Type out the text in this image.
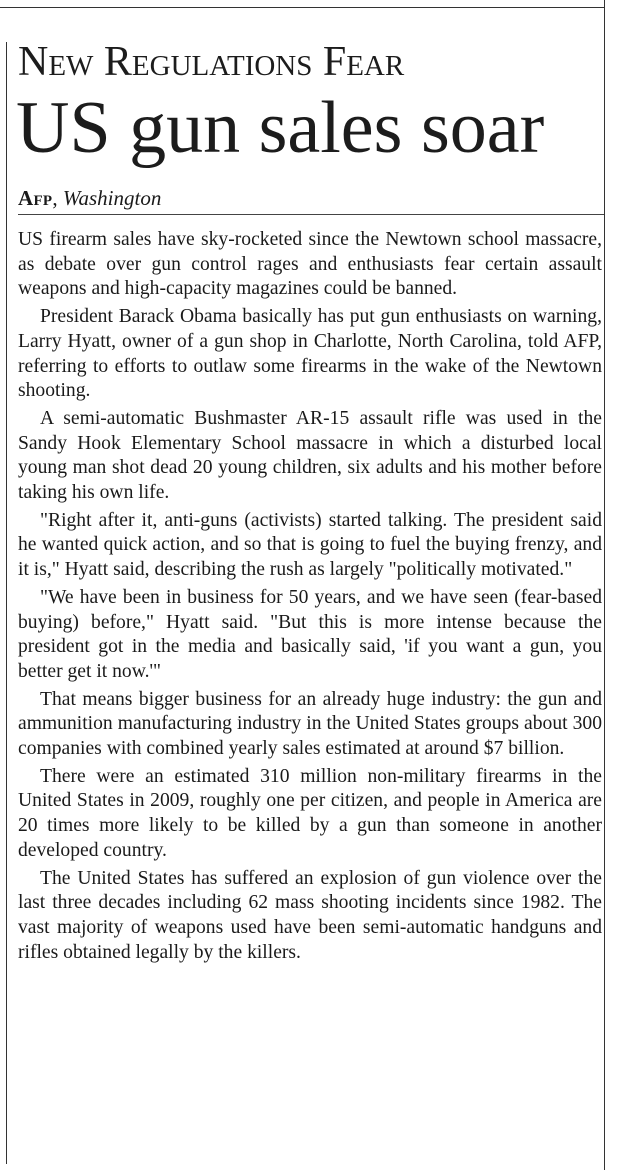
New Regulations Fear
US gun sales soar
Afp, Washington

US firearm sales have sky-rocketed since the Newtown school massacre, as debate over gun control rages and enthusiasts fear certain assault weapons and high-capacity magazines could be banned.

President Barack Obama basically has put gun enthusiasts on warning, Larry Hyatt, owner of a gun shop in Charlotte, North Carolina, told AFP, referring to efforts to outlaw some firearms in the wake of the Newtown shooting.

A semi-automatic Bushmaster AR-15 assault rifle was used in the Sandy Hook Elementary School massacre in which a disturbed local young man shot dead 20 young children, six adults and his mother before taking his own life.

"Right after it, anti-guns (activists) started talking. The president said he wanted quick action, and so that is going to fuel the buying frenzy, and it is," Hyatt said, describing the rush as largely "politically motivated."

"We have been in business for 50 years, and we have seen (fear-based buying) before," Hyatt said. "But this is more intense because the president got in the media and basically said, 'if you want a gun, you better get it now.'"

That means bigger business for an already huge industry: the gun and ammunition manufacturing industry in the United States groups about 300 companies with combined yearly sales estimated at around $7 billion.

There were an estimated 310 million non-military firearms in the United States in 2009, roughly one per citizen, and people in America are 20 times more likely to be killed by a gun than someone in another developed country.

The United States has suffered an explosion of gun violence over the last three decades including 62 mass shooting incidents since 1982. The vast majority of weapons used have been semi-automatic handguns and rifles obtained legally by the killers.
